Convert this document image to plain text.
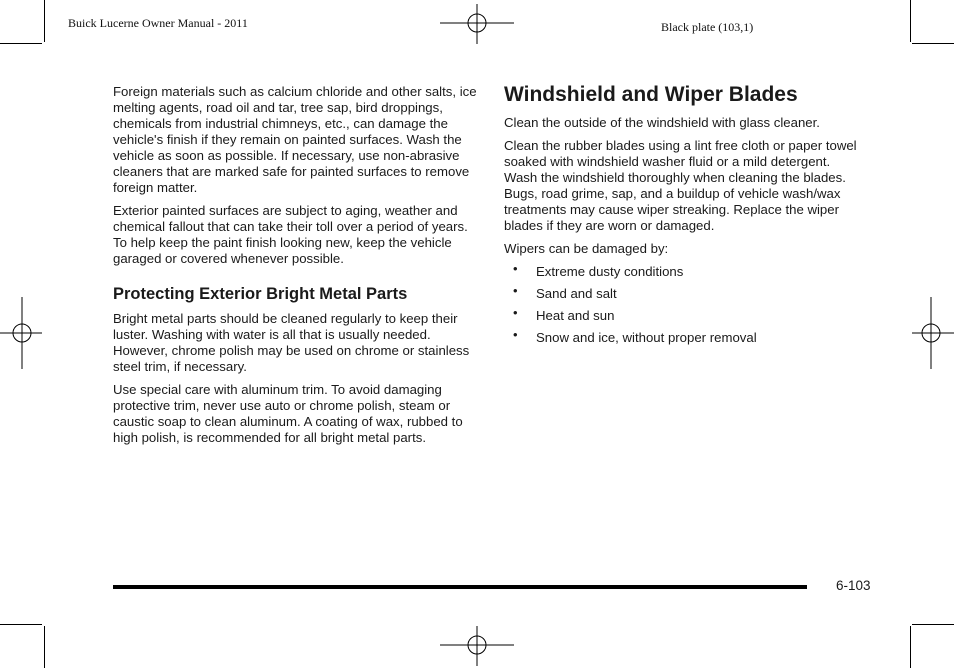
Buick Lucerne Owner Manual - 2011	Black plate (103,1)

Foreign materials such as calcium chloride and other salts, ice melting agents, road oil and tar, tree sap, bird droppings, chemicals from industrial chimneys, etc., can damage the vehicle's finish if they remain on painted surfaces. Wash the vehicle as soon as possible. If necessary, use non-abrasive cleaners that are marked safe for painted surfaces to remove foreign matter.

Exterior painted surfaces are subject to aging, weather and chemical fallout that can take their toll over a period of years. To help keep the paint finish looking new, keep the vehicle garaged or covered whenever possible.

Protecting Exterior Bright Metal Parts

Bright metal parts should be cleaned regularly to keep their luster. Washing with water is all that is usually needed. However, chrome polish may be used on chrome or stainless steel trim, if necessary.

Use special care with aluminum trim. To avoid damaging protective trim, never use auto or chrome polish, steam or caustic soap to clean aluminum. A coating of wax, rubbed to high polish, is recommended for all bright metal parts.

Windshield and Wiper Blades

Clean the outside of the windshield with glass cleaner.

Clean the rubber blades using a lint free cloth or paper towel soaked with windshield washer fluid or a mild detergent. Wash the windshield thoroughly when cleaning the blades. Bugs, road grime, sap, and a buildup of vehicle wash/wax treatments may cause wiper streaking. Replace the wiper blades if they are worn or damaged.

Wipers can be damaged by:

• Extreme dusty conditions
• Sand and salt
• Heat and sun
• Snow and ice, without proper removal
6-103
